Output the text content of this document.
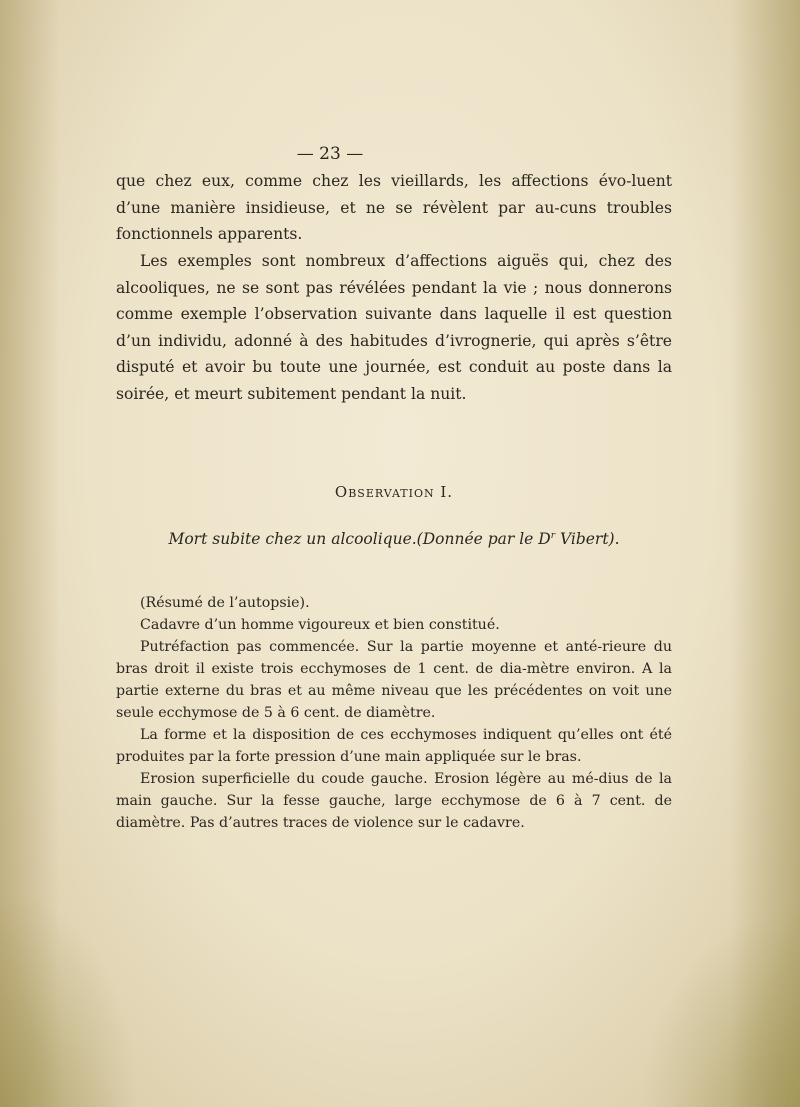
— 23 —

que chez eux, comme chez les vieillards, les affections évo-luent d’une manière insidieuse, et ne se révèlent par au-cuns troubles fonctionnels apparents.

Les exemples sont nombreux d’affections aiguës qui, chez des alcooliques, ne se sont pas révélées pendant la vie ; nous donnerons comme exemple l’observation suivante dans laquelle il est question d’un individu, adonné à des habitudes d’ivrognerie, qui après s’être disputé et avoir bu toute une journée, est conduit au poste dans la soirée, et meurt subitement pendant la nuit.

Observation I.
Mort subite chez un alcoolique.(Donnée par le $D^r$ Vibert).

(Résumé de l’autopsie).

Cadavre d’un homme vigoureux et bien constitué.

Putréfaction pas commencée. Sur la partie moyenne et anté-rieure du bras droit il existe trois ecchymoses de 1 cent. de dia-mètre environ. A la partie externe du bras et au même niveau que les précédentes on voit une seule ecchymose de 5 à 6 cent. de diamètre.

La forme et la disposition de ces ecchymoses indiquent qu’elles ont été produites par la forte pression d’une main appliquée sur le bras.

Erosion superficielle du coude gauche. Erosion légère au mé-dius de la main gauche. Sur la fesse gauche, large ecchymose de 6 à 7 cent. de diamètre. Pas d’autres traces de violence sur le cadavre.
